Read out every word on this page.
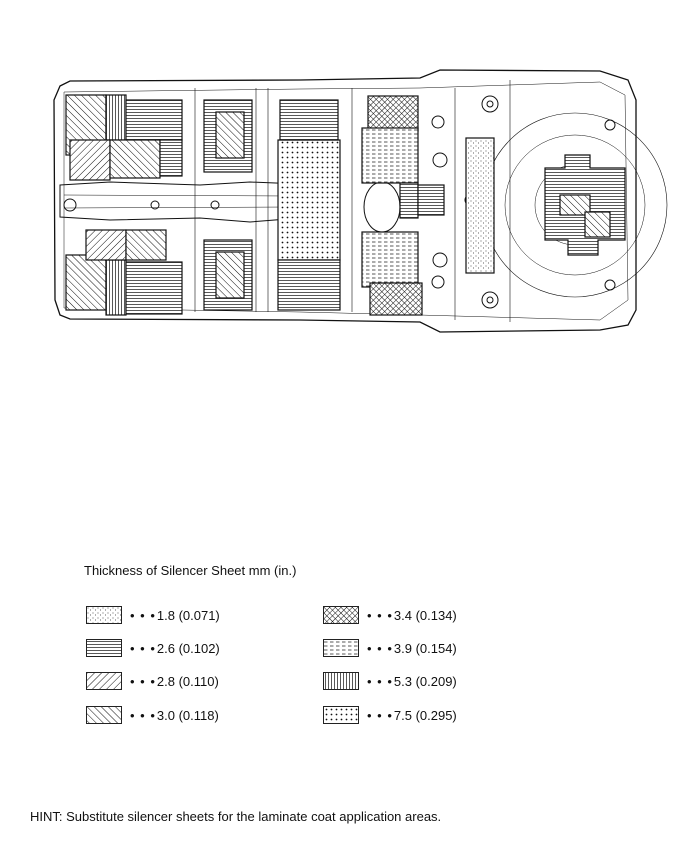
Thickness of Silencer Sheet mm (in.)
• • • 1.8 (0.071)
• • • 2.6 (0.102)
• • • 2.8 (0.110)
• • • 3.0 (0.118)
• • • 3.4 (0.134)
• • • 3.9 (0.154)
• • • 5.3 (0.209)
• • • 7.5 (0.295)
HINT: Substitute silencer sheets for the laminate coat application areas.
